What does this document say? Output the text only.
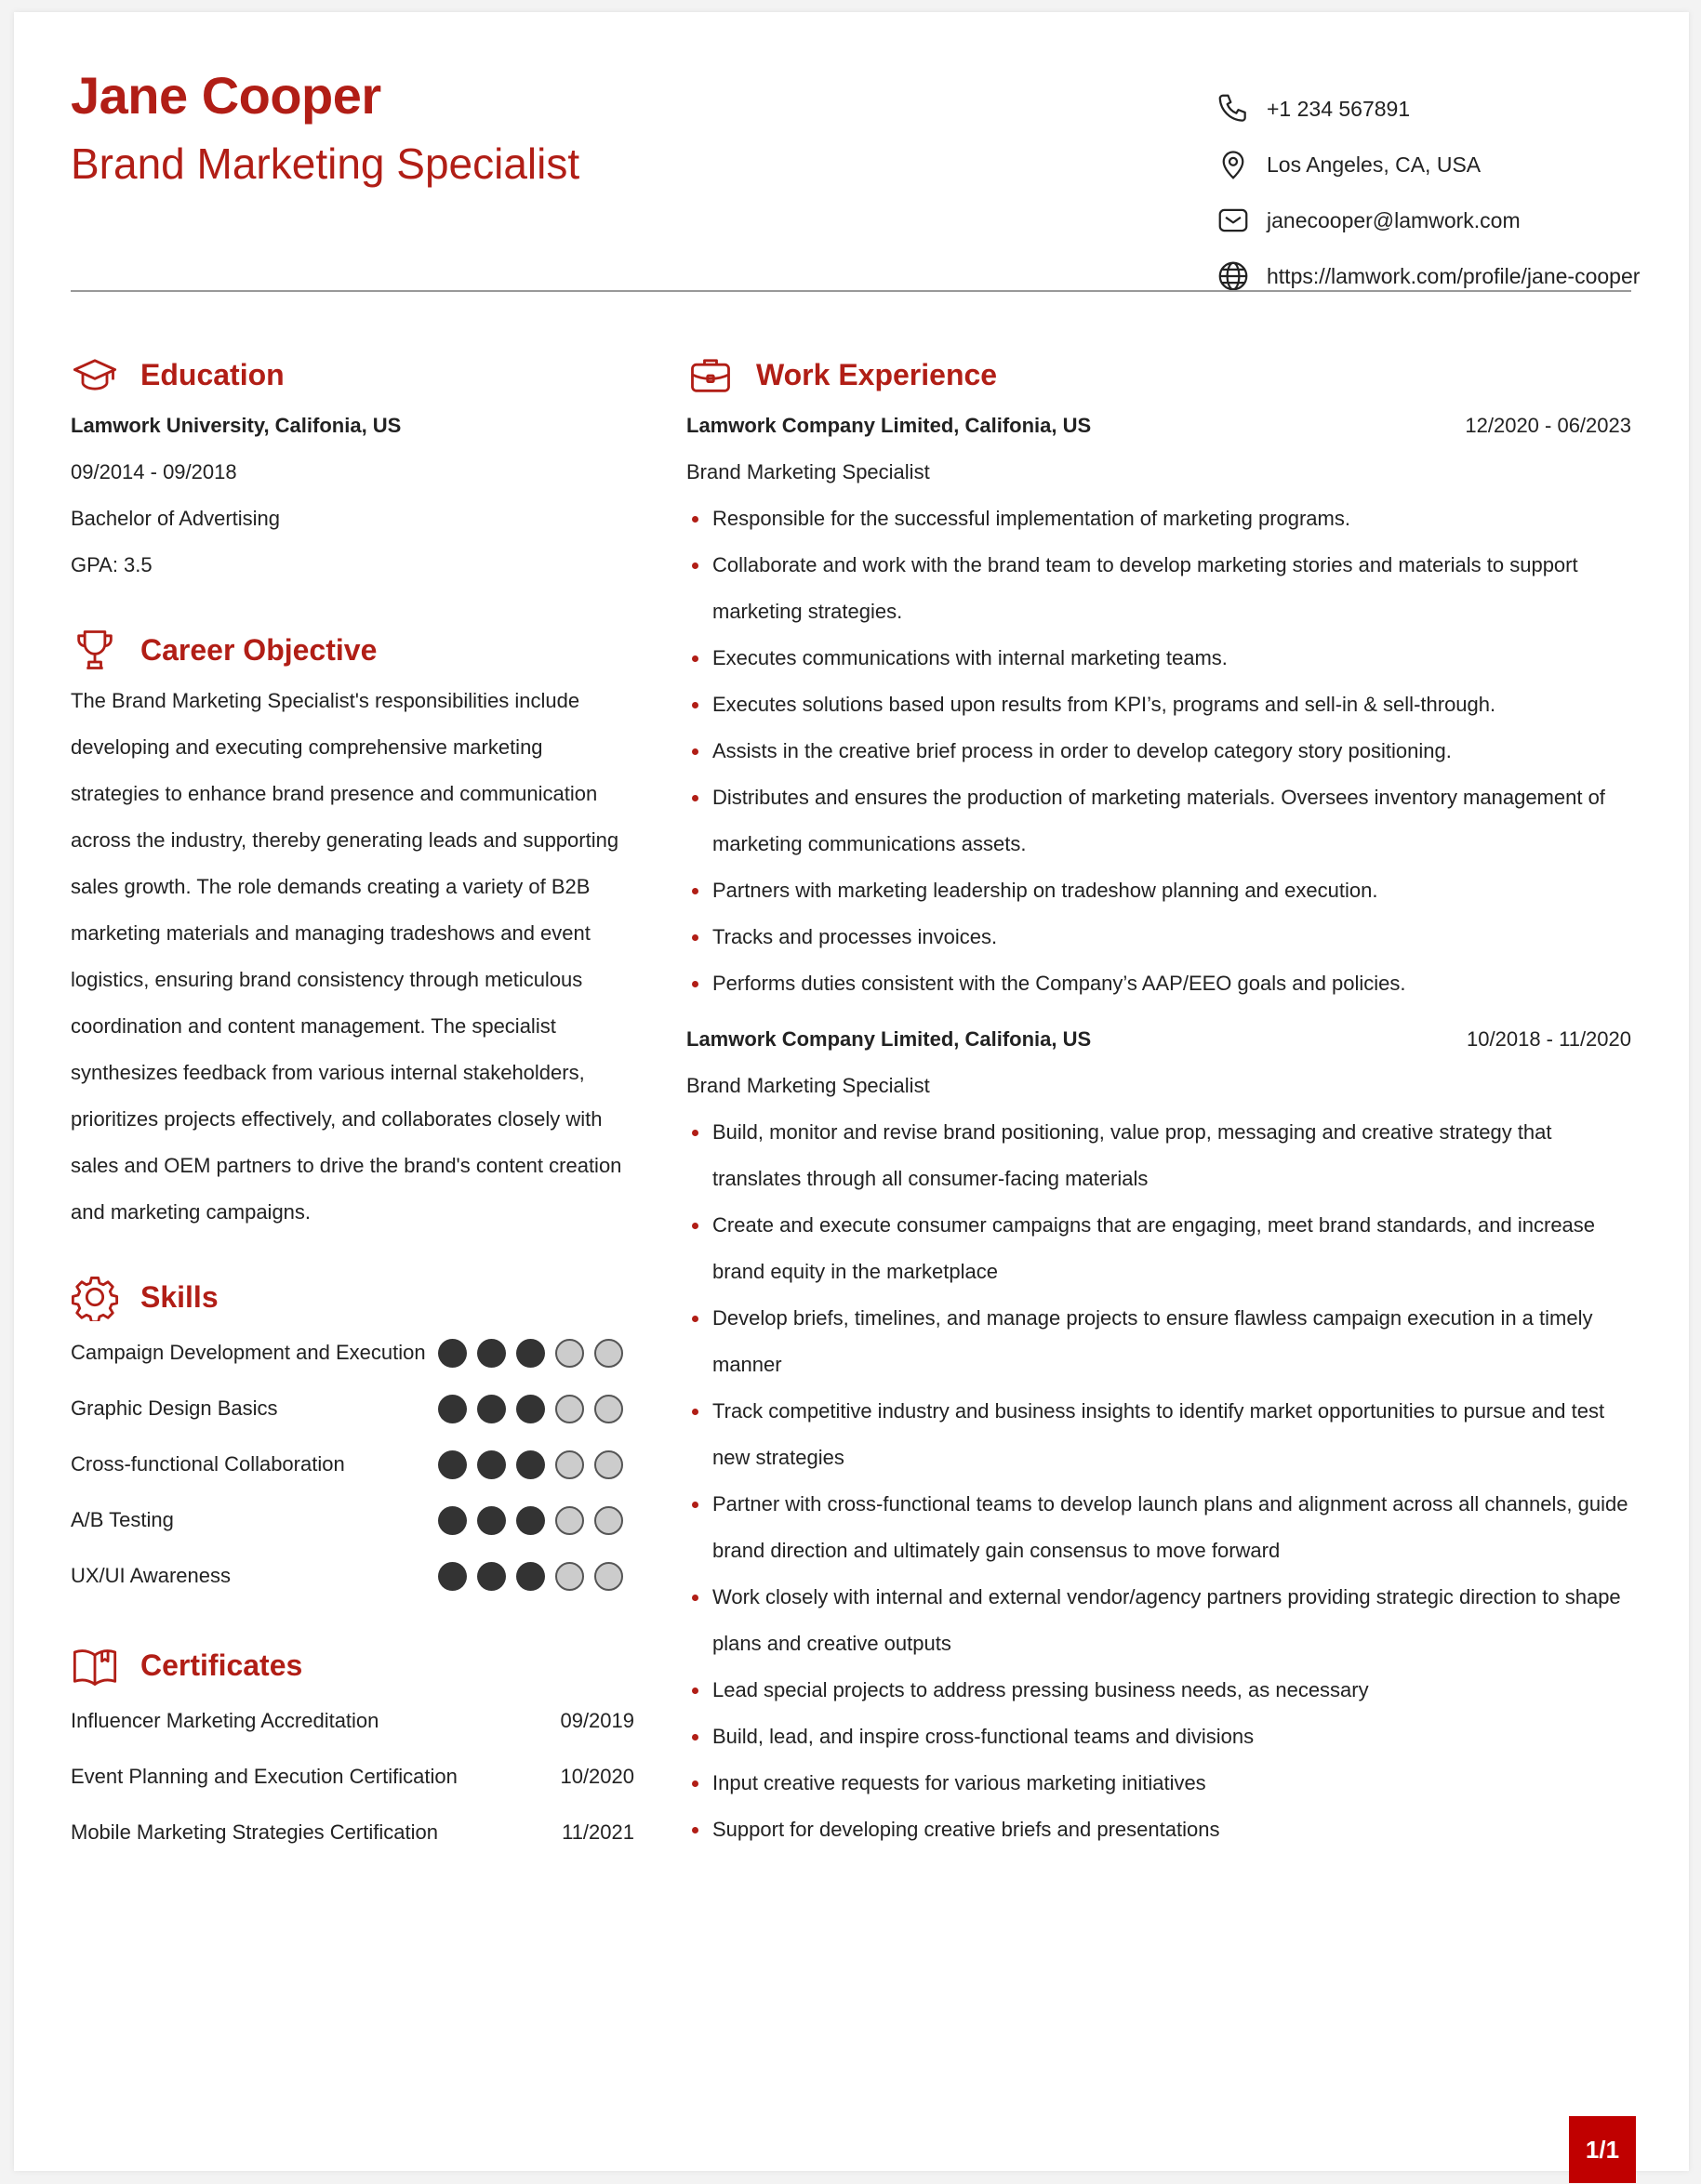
Jane Cooper
Brand Marketing Specialist
+1 234 567891
Los Angeles, CA, USA
janecooper@lamwork.com
https://lamwork.com/profile/jane-cooper
Education
Lamwork University, Califonia, US
09/2014 - 09/2018
Bachelor of Advertising
GPA: 3.5
Career Objective

The Brand Marketing Specialist's responsibilities include developing and executing comprehensive marketing strategies to enhance brand presence and communication across the industry, thereby generating leads and supporting sales growth. The role demands creating a variety of B2B marketing materials and managing tradeshows and event logistics, ensuring brand consistency through meticulous coordination and content management. The specialist synthesizes feedback from various internal stakeholders, prioritizes projects effectively, and collaborates closely with sales and OEM partners to drive the brand's content creation and marketing campaigns.

Skills
Campaign Development and Execution
Graphic Design Basics
Cross-functional Collaboration
A/B Testing
UX/UI Awareness
Certificates
Influencer Marketing Accreditation	09/2019
Event Planning and Execution Certification	10/2020
Mobile Marketing Strategies Certification	11/2021
Work Experience
Lamwork Company Limited, Califonia, US	12/2020 - 06/2023
Brand Marketing Specialist
Responsible for the successful implementation of marketing programs.
Collaborate and work with the brand team to develop marketing stories and materials to support marketing strategies.
Executes communications with internal marketing teams.
Executes solutions based upon results from KPI’s, programs and sell-in & sell-through.
Assists in the creative brief process in order to develop category story positioning.
Distributes and ensures the production of marketing materials. Oversees inventory management of marketing communications assets.
Partners with marketing leadership on tradeshow planning and execution.
Tracks and processes invoices.
Performs duties consistent with the Company’s AAP/EEO goals and policies.
Lamwork Company Limited, Califonia, US	10/2018 - 11/2020
Brand Marketing Specialist
Build, monitor and revise brand positioning, value prop, messaging and creative strategy that translates through all consumer-facing materials
Create and execute consumer campaigns that are engaging, meet brand standards, and increase brand equity in the marketplace
Develop briefs, timelines, and manage projects to ensure flawless campaign execution in a timely manner
Track competitive industry and business insights to identify market opportunities to pursue and test new strategies
Partner with cross-functional teams to develop launch plans and alignment across all channels, guide brand direction and ultimately gain consensus to move forward
Work closely with internal and external vendor/agency partners providing strategic direction to shape plans and creative outputs
Lead special projects to address pressing business needs, as necessary
Build, lead, and inspire cross-functional teams and divisions
Input creative requests for various marketing initiatives
Support for developing creative briefs and presentations
1/1
